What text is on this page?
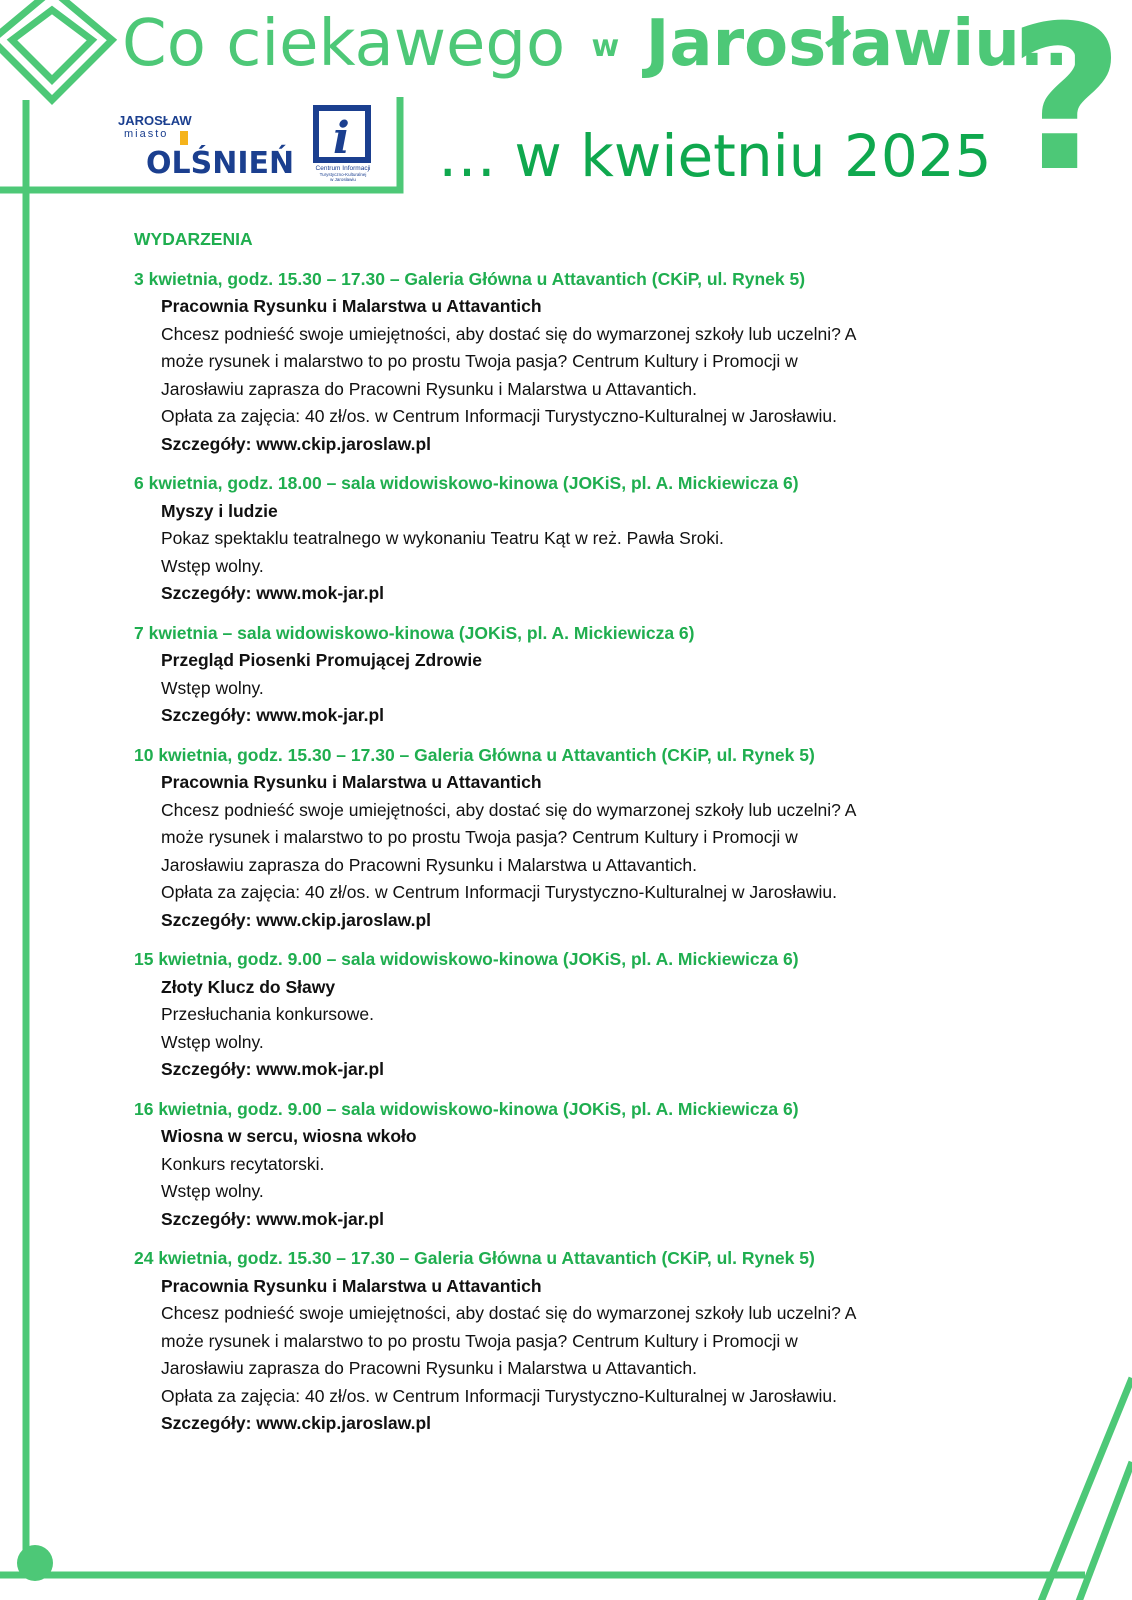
Co ciekawego w Jarosławiu...
?
… w kwietniu 2025
JAROSŁAW
miasto
OLŚNIEŃ i
Centrum Informacji
Turystyczno-Kulturalnej
w Jarosławiu
WYDARZENIA
3 kwietnia, godz. 15.30 – 17.30 – Galeria Główna u Attavantich (CKiP, ul. Rynek 5)
Pracownia Rysunku i Malarstwa u Attavantich
Chcesz podnieść swoje umiejętności, aby dostać się do wymarzonej szkoły lub uczelni? A
może rysunek i malarstwo to po prostu Twoja pasja? Centrum Kultury i Promocji w
Jarosławiu zaprasza do Pracowni Rysunku i Malarstwa u Attavantich.
Opłata za zajęcia: 40 zł/os. w Centrum Informacji Turystyczno-Kulturalnej w Jarosławiu.
Szczegóły: www.ckip.jaroslaw.pl
6 kwietnia, godz. 18.00 – sala widowiskowo-kinowa (JOKiS, pl. A. Mickiewicza 6)
Myszy i ludzie
Pokaz spektaklu teatralnego w wykonaniu Teatru Kąt w reż. Pawła Sroki.
Wstęp wolny.
Szczegóły: www.mok-jar.pl
7 kwietnia – sala widowiskowo-kinowa (JOKiS, pl. A. Mickiewicza 6)
Przegląd Piosenki Promującej Zdrowie
Wstęp wolny.
Szczegóły: www.mok-jar.pl
10 kwietnia, godz. 15.30 – 17.30 – Galeria Główna u Attavantich (CKiP, ul. Rynek 5)
Pracownia Rysunku i Malarstwa u Attavantich
Chcesz podnieść swoje umiejętności, aby dostać się do wymarzonej szkoły lub uczelni? A
może rysunek i malarstwo to po prostu Twoja pasja? Centrum Kultury i Promocji w
Jarosławiu zaprasza do Pracowni Rysunku i Malarstwa u Attavantich.
Opłata za zajęcia: 40 zł/os. w Centrum Informacji Turystyczno-Kulturalnej w Jarosławiu.
Szczegóły: www.ckip.jaroslaw.pl
15 kwietnia, godz. 9.00 – sala widowiskowo-kinowa (JOKiS, pl. A. Mickiewicza 6)
Złoty Klucz do Sławy
Przesłuchania konkursowe.
Wstęp wolny.
Szczegóły: www.mok-jar.pl
16 kwietnia, godz. 9.00 – sala widowiskowo-kinowa (JOKiS, pl. A. Mickiewicza 6)
Wiosna w sercu, wiosna wkoło
Konkurs recytatorski.
Wstęp wolny.
Szczegóły: www.mok-jar.pl
24 kwietnia, godz. 15.30 – 17.30 – Galeria Główna u Attavantich (CKiP, ul. Rynek 5)
Pracownia Rysunku i Malarstwa u Attavantich
Chcesz podnieść swoje umiejętności, aby dostać się do wymarzonej szkoły lub uczelni? A
może rysunek i malarstwo to po prostu Twoja pasja? Centrum Kultury i Promocji w
Jarosławiu zaprasza do Pracowni Rysunku i Malarstwa u Attavantich.
Opłata za zajęcia: 40 zł/os. w Centrum Informacji Turystyczno-Kulturalnej w Jarosławiu.
Szczegóły: www.ckip.jaroslaw.pl
